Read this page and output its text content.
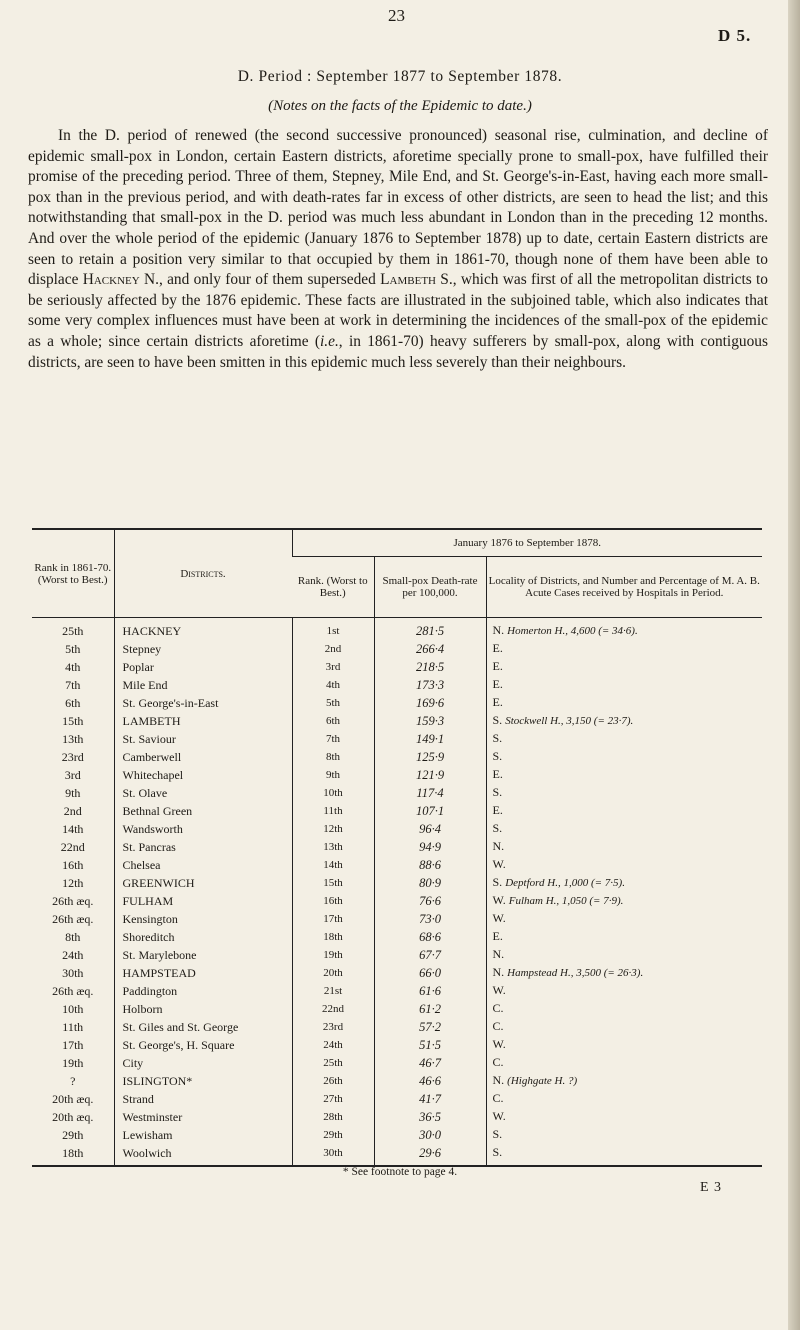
23
D 5.
D. Period : September 1877 to September 1878.
(Notes on the facts of the Epidemic to date.)

In the D. period of renewed (the second successive pronounced) seasonal rise, culmination, and decline of epidemic small-pox in London, certain Eastern districts, aforetime specially prone to small-pox, have fulfilled their promise of the preceding period. Three of them, Stepney, Mile End, and St. George's-in-East, having each more small-pox than in the previous period, and with death-rates far in excess of other districts, are seen to head the list; and this notwithstanding that small-pox in the D. period was much less abundant in London than in the preceding 12 months. And over the whole period of the epidemic (January 1876 to September 1878) up to date, certain Eastern districts are seen to retain a position very similar to that occupied by them in 1861-70, though none of them have been able to displace Hackney N., and only four of them superseded Lambeth S., which was first of all the metropolitan districts to be seriously affected by the 1876 epidemic. These facts are illustrated in the subjoined table, which also indicates that some very complex influences must have been at work in determining the incidences of the small-pox of the epidemic as a whole; since certain districts aforetime (i.e., in 1861-70) heavy sufferers by small-pox, along with contiguous districts, are seen to have been smitten in this epidemic much less severely than their neighbours.

Rank in 1861-70. (Worst to Best.)	Districts.	January 1876 to September 1878.		
		Rank. (Worst to Best.)	Small-pox Death-rate per 100,000.	Locality of Districts, and Number and Percentage of M. A. B. Acute Cases received by Hospitals in Period.
25th	HACKNEY	1st	281·5	N. Homerton H., 4,600 (= 34·6).
5th	Stepney	2nd	266·4	E.
4th	Poplar	3rd	218·5	E.
7th	Mile End	4th	173·3	E.
6th	St. George's-in-East	5th	169·6	E.
15th	LAMBETH	6th	159·3	S. Stockwell H., 3,150 (= 23·7).
13th	St. Saviour	7th	149·1	S.
23rd	Camberwell	8th	125·9	S.
3rd	Whitechapel	9th	121·9	E.
9th	St. Olave	10th	117·4	S.
2nd	Bethnal Green	11th	107·1	E.
14th	Wandsworth	12th	96·4	S.
22nd	St. Pancras	13th	94·9	N.
16th	Chelsea	14th	88·6	W.
12th	GREENWICH	15th	80·9	S. Deptford H., 1,000 (= 7·5).
26th æq.	FULHAM	16th	76·6	W. Fulham H., 1,050 (= 7·9).
26th æq.	Kensington	17th	73·0	W.
8th	Shoreditch	18th	68·6	E.
24th	St. Marylebone	19th	67·7	N.
30th	HAMPSTEAD	20th	66·0	N. Hampstead H., 3,500 (= 26·3).
26th æq.	Paddington	21st	61·6	W.
10th	Holborn	22nd	61·2	C.
11th	St. Giles and St. George	23rd	57·2	C.
17th	St. George's, H. Square	24th	51·5	W.
19th	City	25th	46·7	C.
?	ISLINGTON*	26th	46·6	N. (Highgate H. ?)
20th æq.	Strand	27th	41·7	C.
20th æq.	Westminster	28th	36·5	W.
29th	Lewisham	29th	30·0	S.
18th	Woolwich	30th	29·6	S.
* See footnote to page 4.
E 3
